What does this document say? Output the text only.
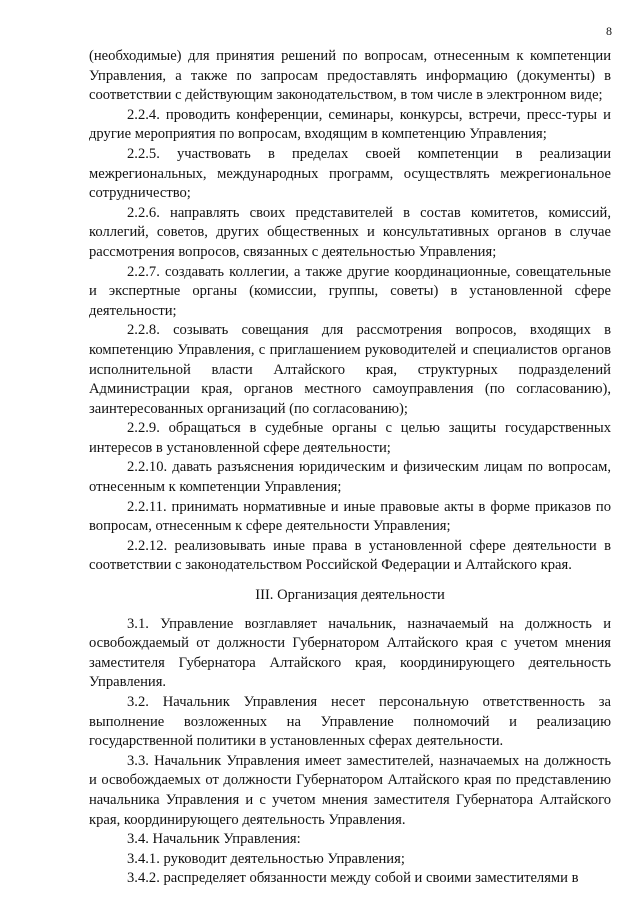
8

(необходимые) для принятия решений по вопросам, отнесенным к компетенции Управления, а также по запросам предоставлять информацию (документы) в соответствии с действующим законодательством, в том числе в электронном виде;

2.2.4. проводить конференции, семинары, конкурсы, встречи, пресс-туры и другие мероприятия по вопросам, входящим в компетенцию Управления;

2.2.5. участвовать в пределах своей компетенции в реализации межрегиональных, международных программ, осуществлять межрегиональное сотрудничество;

2.2.6. направлять своих представителей в состав комитетов, комиссий, коллегий, советов, других общественных и консультативных органов в случае рассмотрения вопросов, связанных с деятельностью Управления;

2.2.7. создавать коллегии, а также другие координационные, совещательные и экспертные органы (комиссии, группы, советы) в установленной сфере деятельности;

2.2.8. созывать совещания для рассмотрения вопросов, входящих в компетенцию Управления, с приглашением руководителей и специалистов органов исполнительной власти Алтайского края, структурных подразделений Администрации края, органов местного самоуправления (по согласованию), заинтересованных организаций (по согласованию);

2.2.9. обращаться в судебные органы с целью защиты государственных интересов в установленной сфере деятельности;

2.2.10. давать разъяснения юридическим и физическим лицам по вопросам, отнесенным к компетенции Управления;

2.2.11. принимать нормативные и иные правовые акты в форме приказов по вопросам, отнесенным к сфере деятельности Управления;

2.2.12. реализовывать иные права в установленной сфере деятельности в соответствии с законодательством Российской Федерации и Алтайского края.

III. Организация деятельности

3.1. Управление возглавляет начальник, назначаемый на должность и освобождаемый от должности Губернатором Алтайского края с учетом мнения заместителя Губернатора Алтайского края, координирующего деятельность Управления.

3.2. Начальник Управления несет персональную ответственность за выполнение возложенных на Управление полномочий и реализацию государственной политики в установленных сферах деятельности.

3.3. Начальник Управления имеет заместителей, назначаемых на должность и освобождаемых от должности Губернатором Алтайского края по представлению начальника Управления и с учетом мнения заместителя Губернатора Алтайского края, координирующего деятельность Управления.

3.4. Начальник Управления:

3.4.1. руководит деятельностью Управления;

3.4.2. распределяет обязанности между собой и своими заместителями в
